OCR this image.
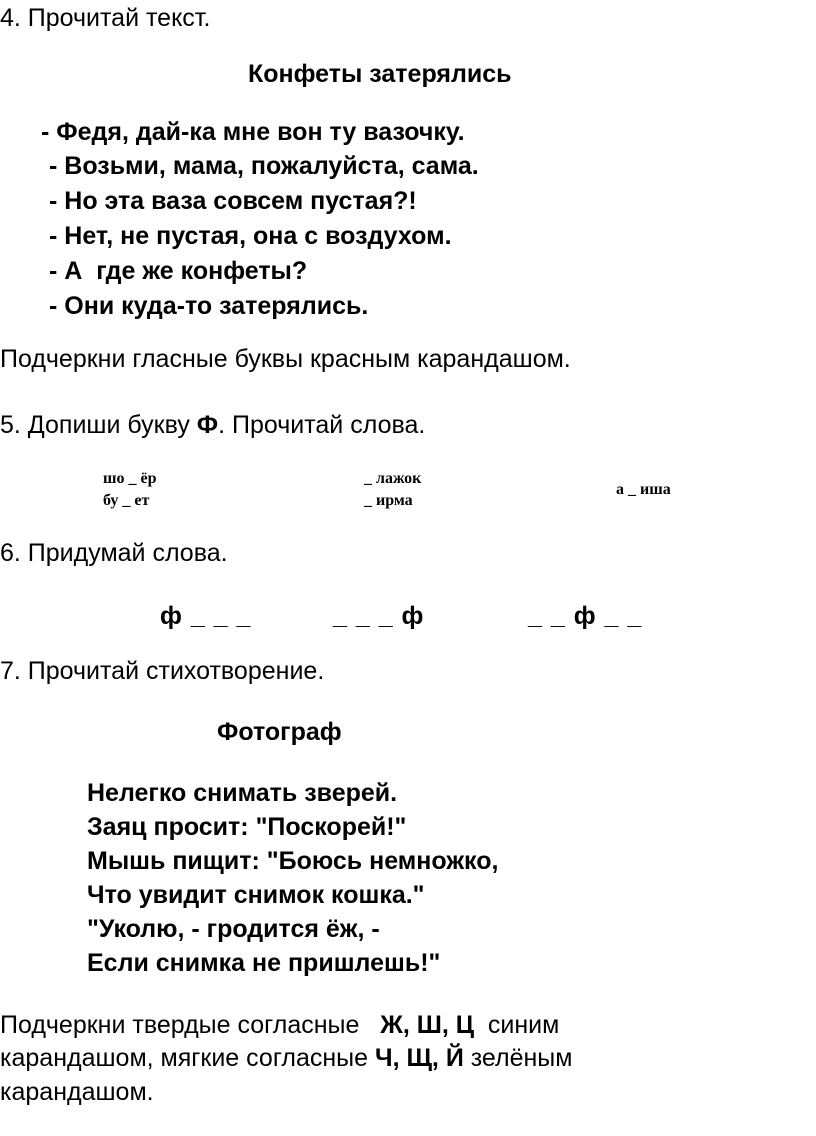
4. Прочитай текст.
Конфеты затерялись
- Федя, дай-ка мне вон ту вазочку.
- Возьми, мама, пожалуйста, сама.
- Но эта ваза совсем пустая?!
- Нет, не пустая, она с воздухом.
- А  где же конфеты?
- Они куда-то затерялись.
Подчеркни гласные буквы красным карандашом.
5. Допиши букву Ф. Прочитай слова.
шо _ ёр
бу _ ет
_ лажок
_ ирма
а _ иша
6. Придумай слова.
ф _ _ _	_ _ _ ф	_ _ ф _ _
7. Прочитай стихотворение.
Фотограф
Нелегко снимать зверей.
Заяц просит: "Поскорей!"
Мышь пищит: "Боюсь немножко,
Что увидит снимок кошка."
"Уколю, - гродится ёж, -
Если снимка не пришлешь!"
Подчеркни твердые согласные   Ж, Ш, Ц  синим
карандашом, мягкие согласные Ч, Щ, Й зелёным
карандашом.
